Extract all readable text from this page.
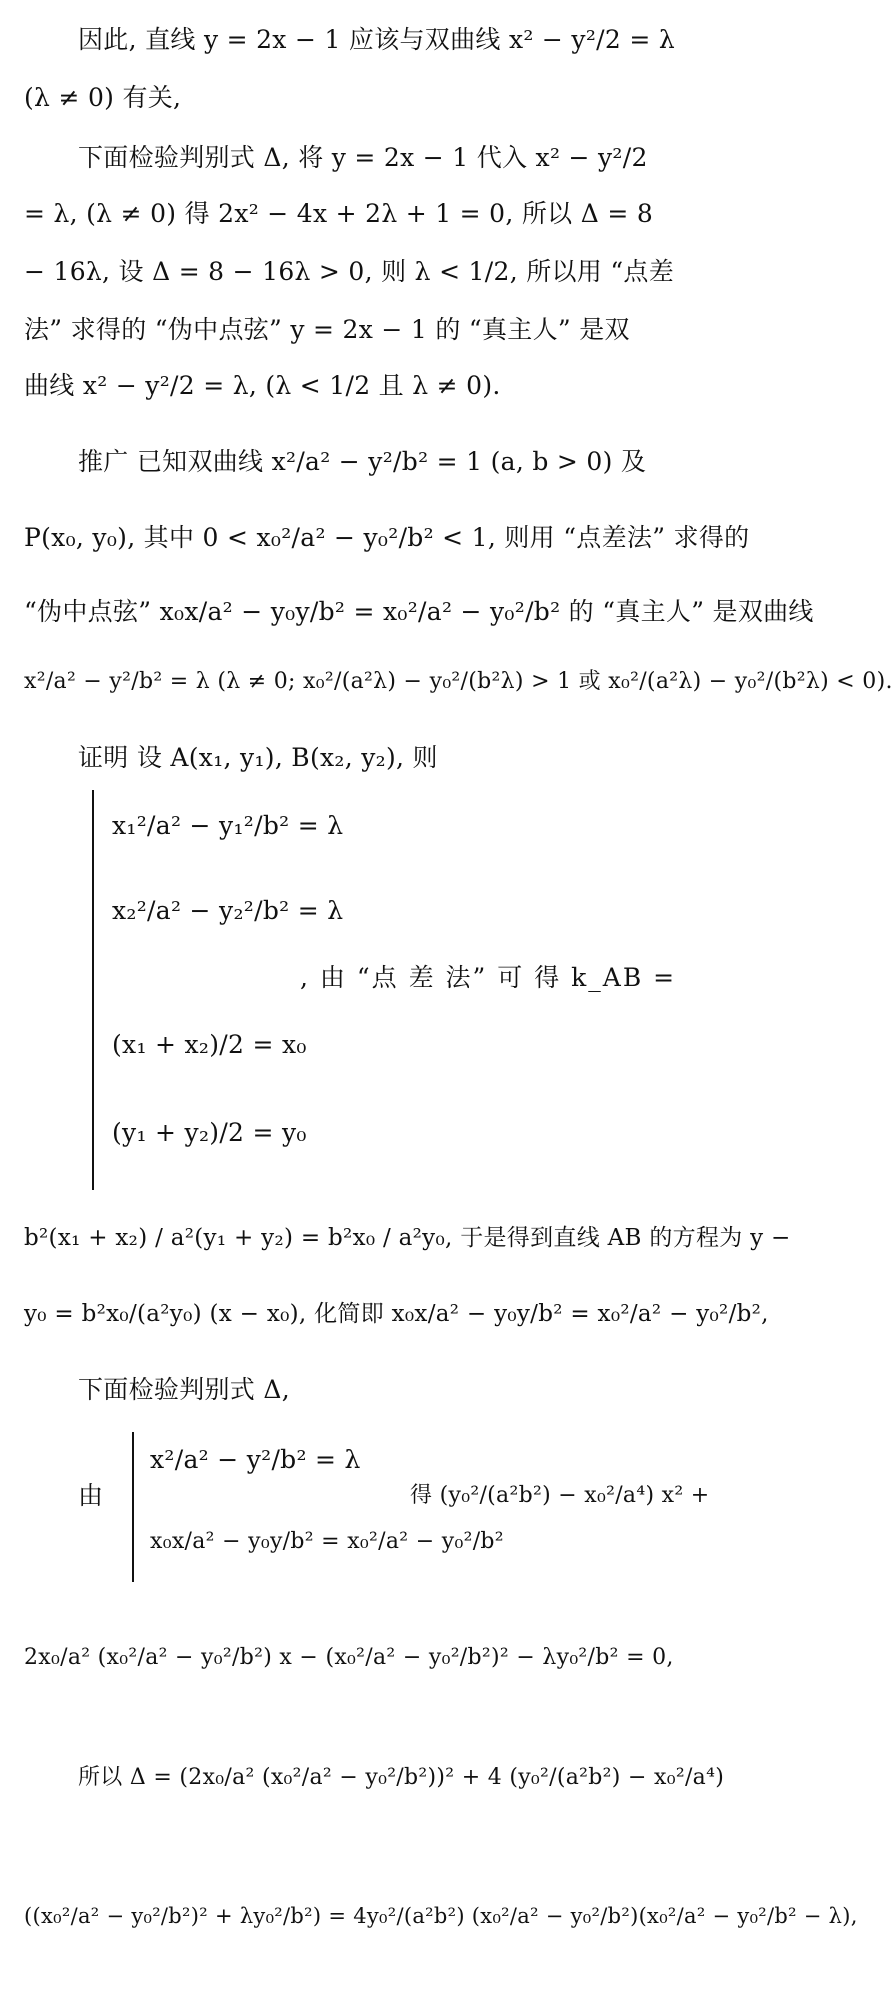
因此, 直线 y = 2x − 1 应该与双曲线 x² − y²/2 = λ
(λ ≠ 0) 有关,
下面检验判别式 Δ, 将 y = 2x − 1 代入 x² − y²/2
= λ, (λ ≠ 0) 得 2x² − 4x + 2λ + 1 = 0, 所以 Δ = 8
− 16λ, 设 Δ = 8 − 16λ > 0, 则 λ < 1/2, 所以用 “点差
法” 求得的 “伪中点弦” y = 2x − 1 的 “真主人” 是双
曲线 x² − y²/2 = λ, (λ < 1/2 且 λ ≠ 0).
推广 已知双曲线 x²/a² − y²/b² = 1 (a, b > 0) 及
P(x₀, y₀), 其中 0 < x₀²/a² − y₀²/b² < 1, 则用 “点差法” 求得的
“伪中点弦” x₀x/a² − y₀y/b² = x₀²/a² − y₀²/b² 的 “真主人” 是双曲线
x²/a² − y²/b² = λ (λ ≠ 0; x₀²/(a²λ) − y₀²/(b²λ) > 1 或 x₀²/(a²λ) − y₀²/(b²λ) < 0).
证明 设 A(x₁, y₁), B(x₂, y₂), 则
x₁²/a² − y₁²/b² = λ
x₂²/a² − y₂²/b² = λ
, 由 “点 差 法” 可 得 k_AB =
(x₁ + x₂)/2 = x₀
(y₁ + y₂)/2 = y₀
b²(x₁ + x₂) / a²(y₁ + y₂) = b²x₀ / a²y₀, 于是得到直线 AB 的方程为 y −
y₀ = b²x₀/(a²y₀) (x − x₀), 化简即 x₀x/a² − y₀y/b² = x₀²/a² − y₀²/b²,
下面检验判别式 Δ,
由
x²/a² − y²/b² = λ
x₀x/a² − y₀y/b² = x₀²/a² − y₀²/b²
得 (y₀²/(a²b²) − x₀²/a⁴) x² +
2x₀/a² (x₀²/a² − y₀²/b²) x − (x₀²/a² − y₀²/b²)² − λy₀²/b² = 0,
所以 Δ = (2x₀/a² (x₀²/a² − y₀²/b²))² + 4 (y₀²/(a²b²) − x₀²/a⁴)
((x₀²/a² − y₀²/b²)² + λy₀²/b²) = 4y₀²/(a²b²) (x₀²/a² − y₀²/b²)(x₀²/a² − y₀²/b² − λ),
